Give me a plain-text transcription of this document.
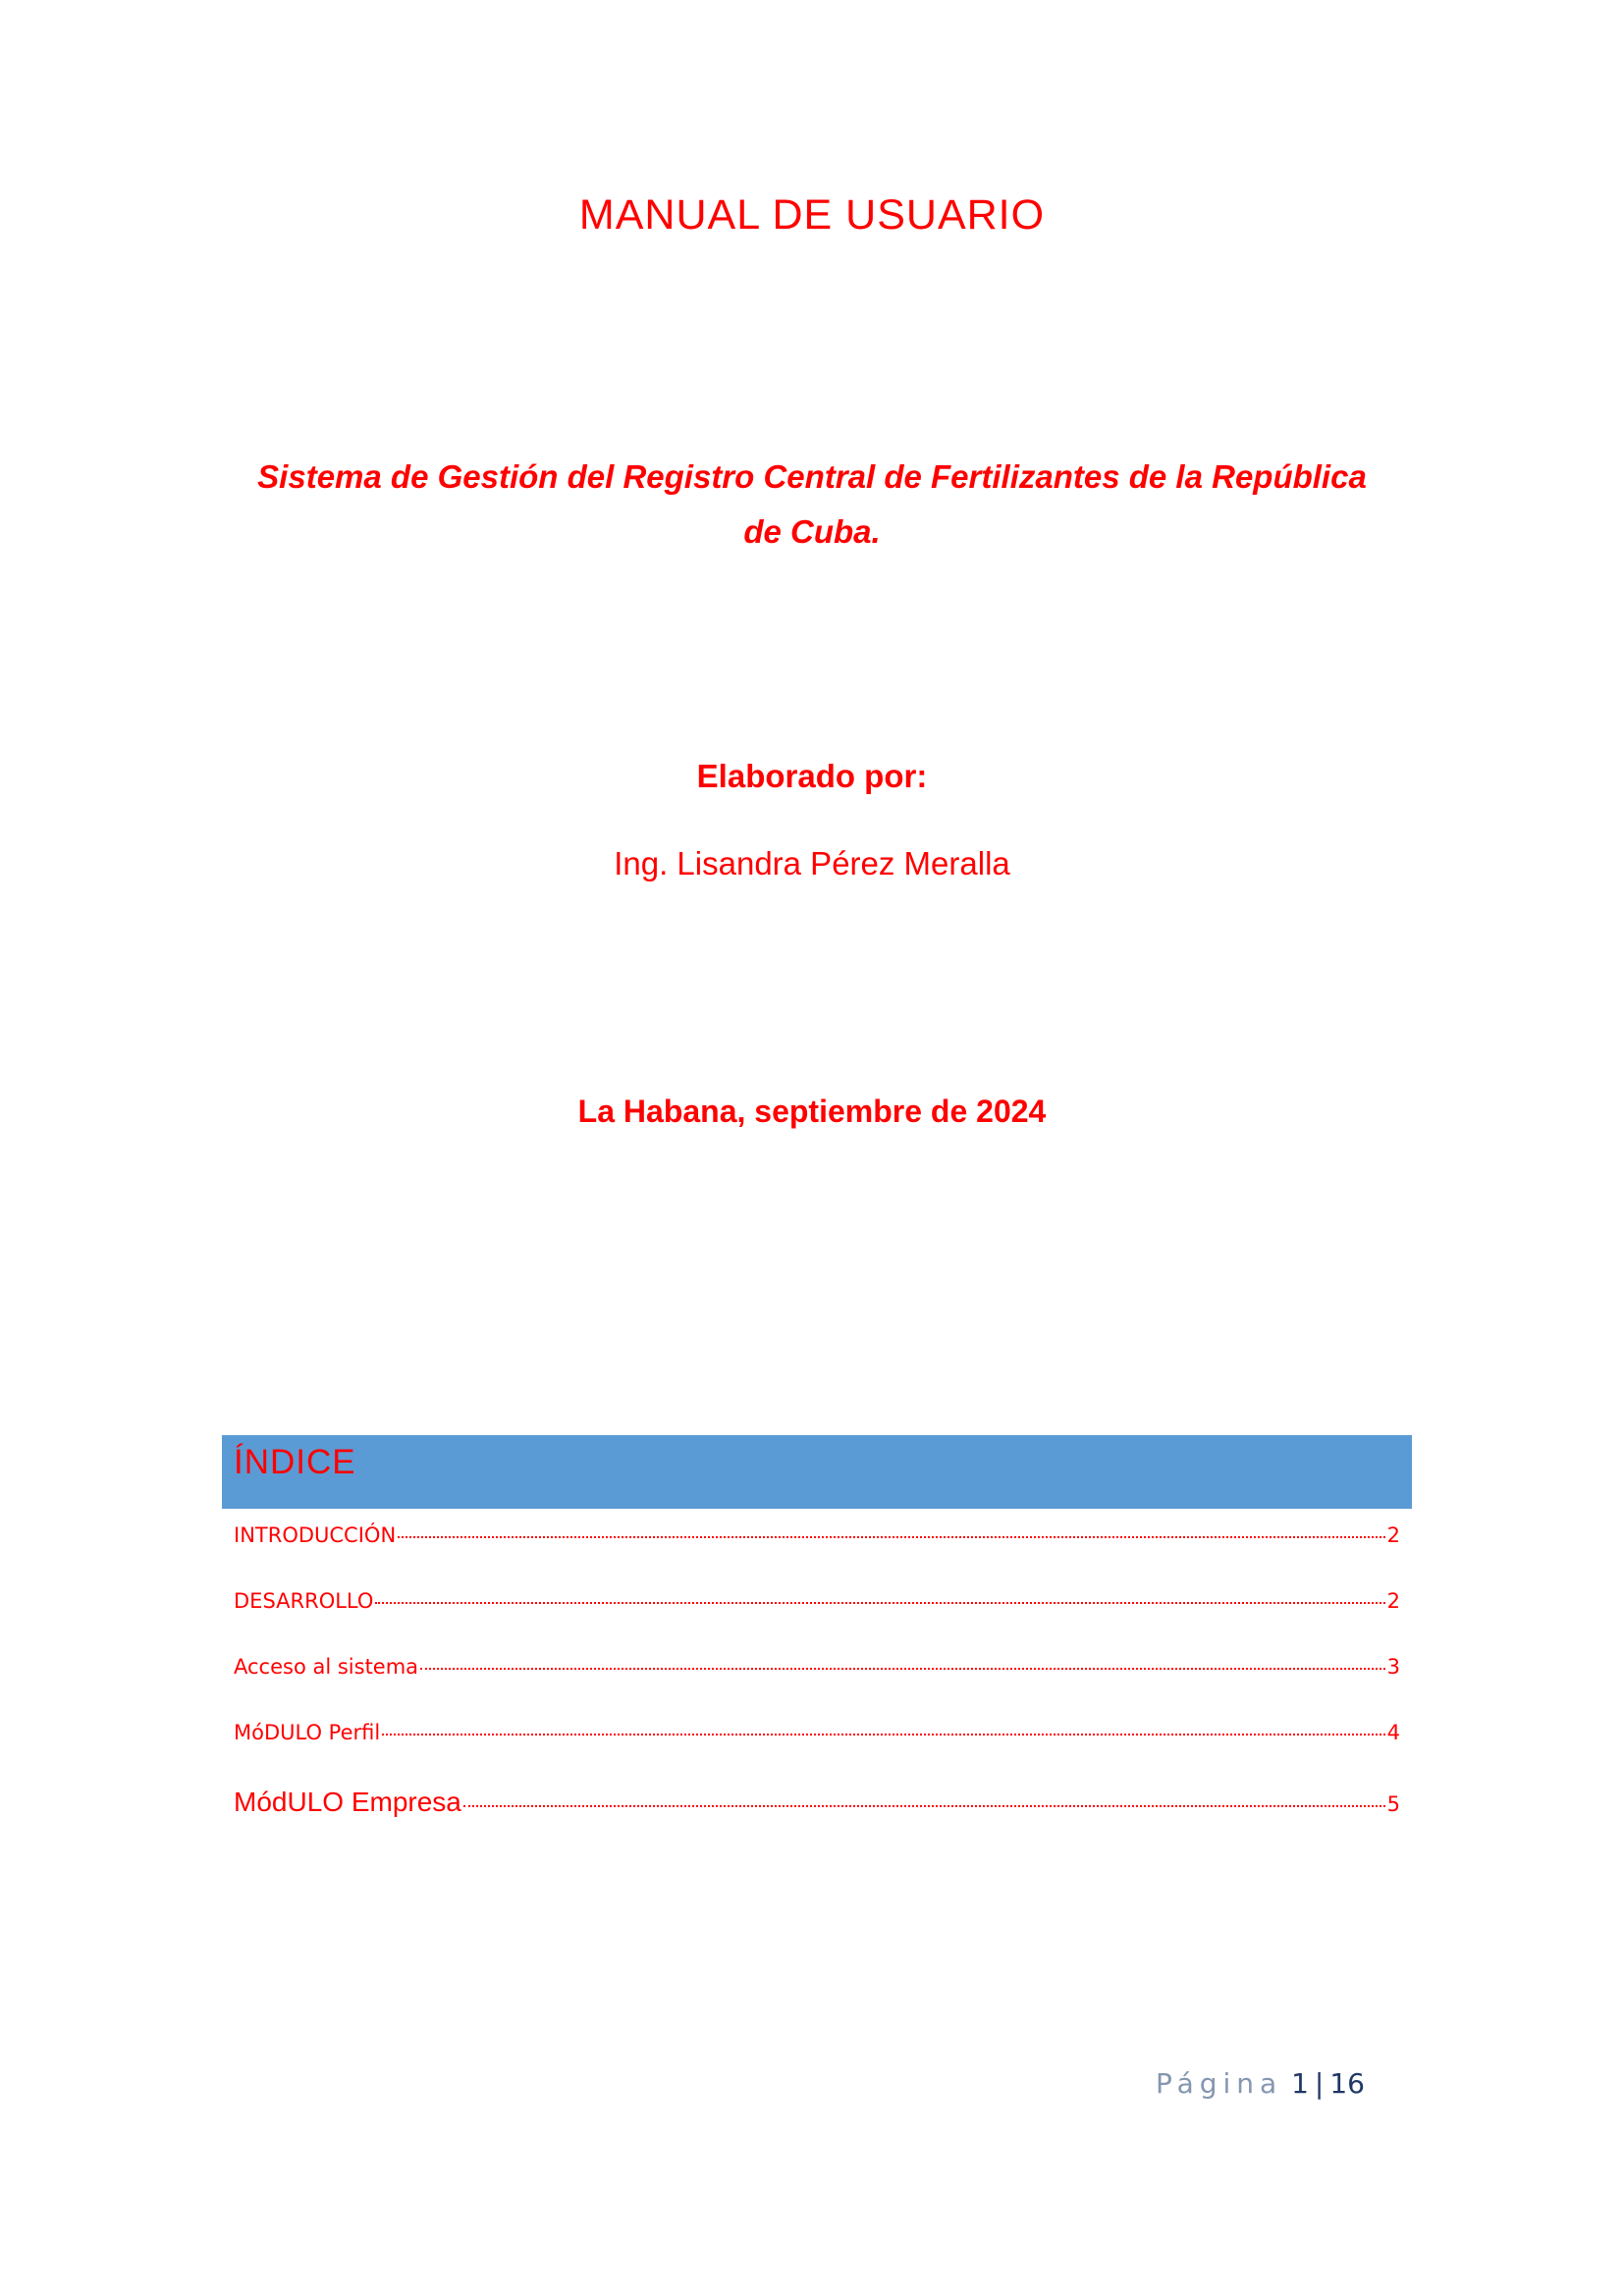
MANUAL DE USUARIO
Sistema de Gestión del Registro Central de Fertilizantes de la República
de Cuba.
Elaborado por:
Ing. Lisandra Pérez Meralla
La Habana, septiembre de 2024
ÍNDICE
INTRODUCCIÓN	2
DESARROLLO	2
Acceso al sistema	3
MóDULO Perfil	4
MódULO Empresa	5
Página 1 | 16
